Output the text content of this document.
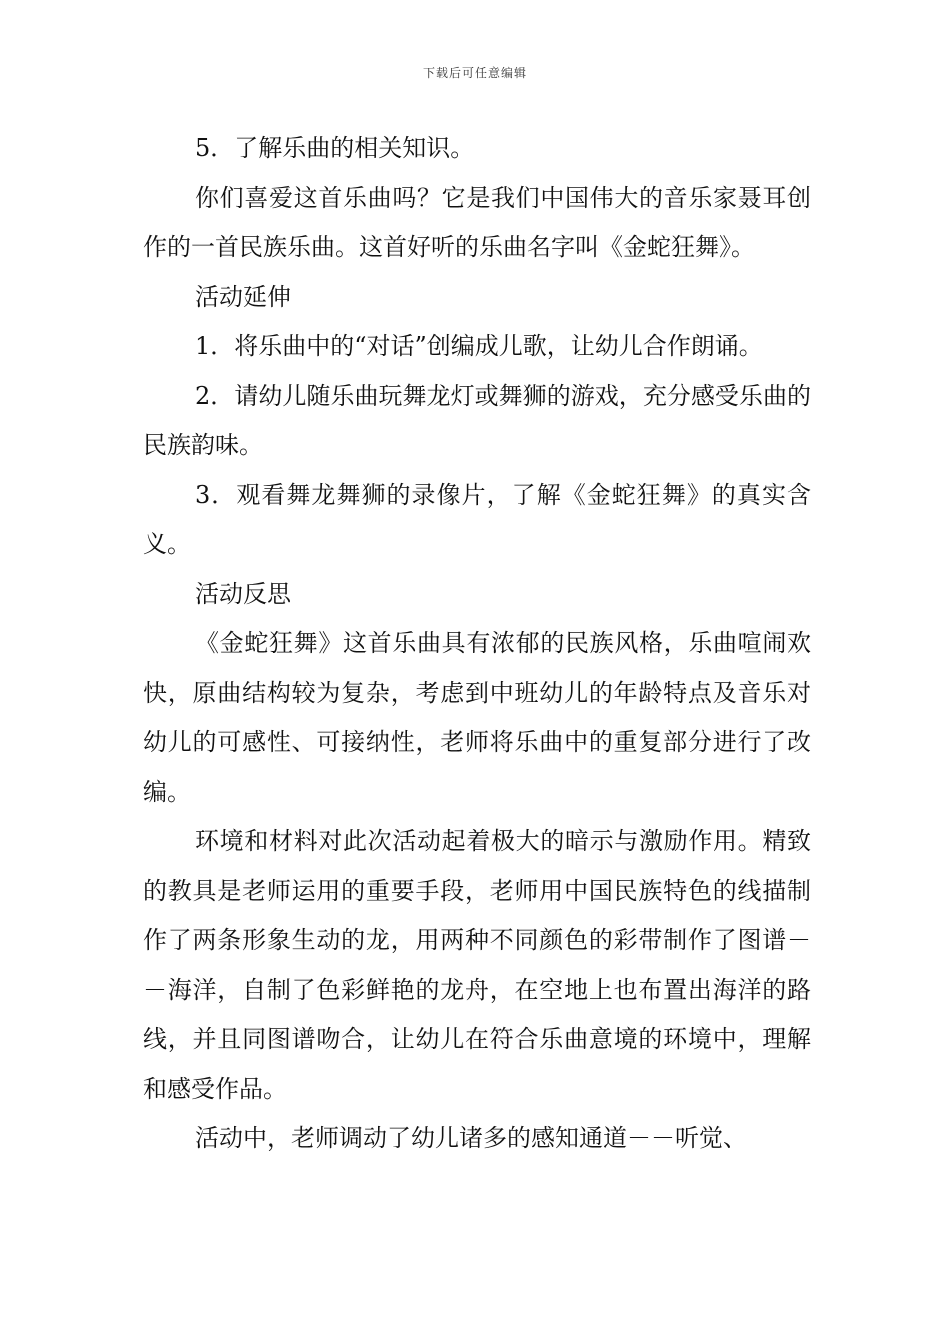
下载后可任意编辑

5．了解乐曲的相关知识。

你们喜爱这首乐曲吗？它是我们中国伟大的音乐家聂耳创作的一首民族乐曲。这首好听的乐曲名字叫《金蛇狂舞》。

活动延伸

1．将乐曲中的“对话”创编成儿歌，让幼儿合作朗诵。

2．请幼儿随乐曲玩舞龙灯或舞狮的游戏，充分感受乐曲的民族韵味。

3．观看舞龙舞狮的录像片，了解《金蛇狂舞》的真实含义。

活动反思

《金蛇狂舞》这首乐曲具有浓郁的民族风格，乐曲喧闹欢快，原曲结构较为复杂，考虑到中班幼儿的年龄特点及音乐对幼儿的可感性、可接纳性，老师将乐曲中的重复部分进行了改编。

环境和材料对此次活动起着极大的暗示与激励作用。精致的教具是老师运用的重要手段，老师用中国民族特色的线描制作了两条形象生动的龙，用两种不同颜色的彩带制作了图谱－－海洋，自制了色彩鲜艳的龙舟，在空地上也布置出海洋的路线，并且同图谱吻合，让幼儿在符合乐曲意境的环境中，理解和感受作品。

活动中，老师调动了幼儿诸多的感知通道－－听觉、
